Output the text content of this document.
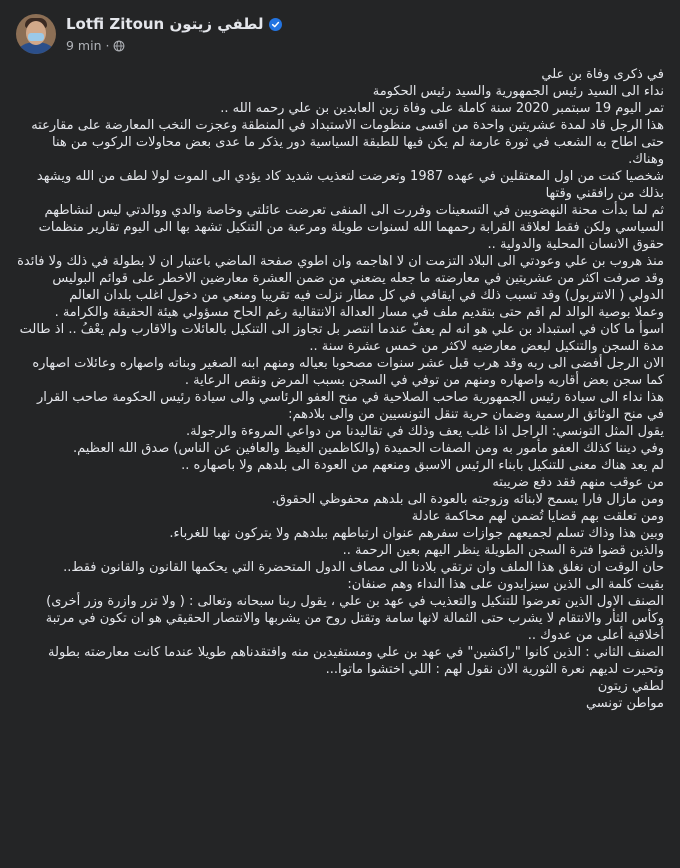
Lotfi Zitoun لطفي زيتون
9 min ·

في ذكرى وفاة بن علي

نداء الى السيد رئيس الجمهورية والسيد رئيس الحكومة

تمر اليوم 19 سبتمبر 2020 سنة كاملة على وفاة زين العابدين بن علي رحمه الله ..

هذا الرجل قاد لمدة عشريتين واحدة من اقسى منظومات الاستبداد في المنطقة وعجزت النخب المعارضة على مقارعته حتى اطاح به الشعب في ثورة عارمة لم يكن فيها للطبقة السياسية دور يذكر ما عدى بعض محاولات الركوب من هنا وهناك.

شخصيا كنت من اول المعتقلين في عهده 1987 وتعرضت لتعذيب شديد كاد يؤدي الى الموت لولا لطف من الله ويشهد بذلك من رافقني وقتها

ثم لما بدأت محنة النهضويين في التسعينات وفررت الى المنفى تعرضت عائلتي وخاصة والدي ووالدتي ليس لنشاطهم السياسي ولكن فقط لعلاقة القرابة رحمهما الله لسنوات طويلة ومرعبة من التنكيل تشهد بها الى اليوم تقارير منظمات حقوق الانسان المحلية والدولية ..

منذ هروب بن علي وعودتي الى البلاد التزمت ان لا اهاجمه وان اطوي صفحة الماضي باعتبار ان لا بطولة في ذلك ولا فائدة وقد صرفت اكثر من عشريتين في معارضته ما جعله يضعني من ضمن العشرة معارضين الاخطر على قوائم البوليس الدولي ( الانتربول) وقد تسبب ذلك في ايقافي في كل مطار نزلت فيه تقريبا ومنعي من دخول اغلب بلدان العالم

وعملا بوصية الوالد لم اقم حتى بتقديم ملف في مسار العدالة الانتقالية رغم الحاح مسؤولي هيئة الحقيقة والكرامة .

اسوأ ما كان في استبداد بن علي هو انه لم يعفّ عندما انتصر بل تجاوز الى التنكيل بالعائلات والاقارب ولم يعْفُ .. اذ طالت مدة السجن والتنكيل لبعض معارضيه لاكثر من خمس عشرة سنة ..

الان الرجل أفضى الى ربه وقد هرب قبل عشر سنوات مصحوبا بعياله ومنهم ابنه الصغير وبناته واصهاره وعائلات اصهاره كما سجن بعض أقاربه واصهاره ومنهم من توفي في السجن بسبب المرض ونقص الرعاية .

هذا نداء الى سيادة رئيس الجمهورية صاحب الصلاحية في منح العفو الرئاسي والى سيادة رئيس الحكومة صاحب القرار في منح الوثائق الرسمية وضمان حرية تنقل التونسيين من والى بلادهم:

يقول المثل التونسي: الراجل اذا غلب يعف وذلك في تقاليدنا من دواعي المروءة والرجولة.

وفي ديننا كذلك العفو مأمور به ومن الصفات الحميدة (والكاظمين الغيظ والعافين عن الناس) صدق الله العظيم.

لم يعد هناك معنى للتنكيل بابناء الرئيس الاسبق ومنعهم من العودة الى بلدهم ولا باصهاره ..

من عوقب منهم فقد دفع ضريبته

ومن مازال فارا يسمح لابنائه وزوجته بالعودة الى بلدهم محفوظي الحقوق.

ومن تعلقت بهم قضايا تُضمن لهم محاكمة عادلة

وبين هذا وذاك تسلم لجميعهم جوازات سفرهم عنوان ارتباطهم ببلدهم ولا يتركون نهبا للغرباء.

والذين قضوا فترة السجن الطويلة ينظر اليهم بعين الرحمة ..

حان الوقت ان نغلق هذا الملف وان ترتقي بلادنا الى مصاف الدول المتحضرة التي يحكمها القانون والقانون فقط..

بقيت كلمة الى الذين سيزايدون على هذا النداء وهم صنفان:

الصنف الاول الذين تعرضوا للتنكيل والتعذيب في عهد بن علي ، يقول ربنا سبحانه وتعالى : ( ولا تزر وازرة وزر أخرى) وكأس الثأر والانتقام لا يشرب حتى الثمالة لانها سامة وتقتل روح من يشربها والانتصار الحقيقي هو ان تكون في مرتبة أخلاقية أعلى من عدوك ..

الصنف الثاني : الذين كانوا "راكشين" في عهد بن علي ومستفيدين منه وافتقدناهم طويلا عندما كانت معارضته بطولة وتحيرت لديهم نعرة الثورية الان نقول لهم : اللي اختشوا ماتوا...

لطفي زيتون

مواطن تونسي
